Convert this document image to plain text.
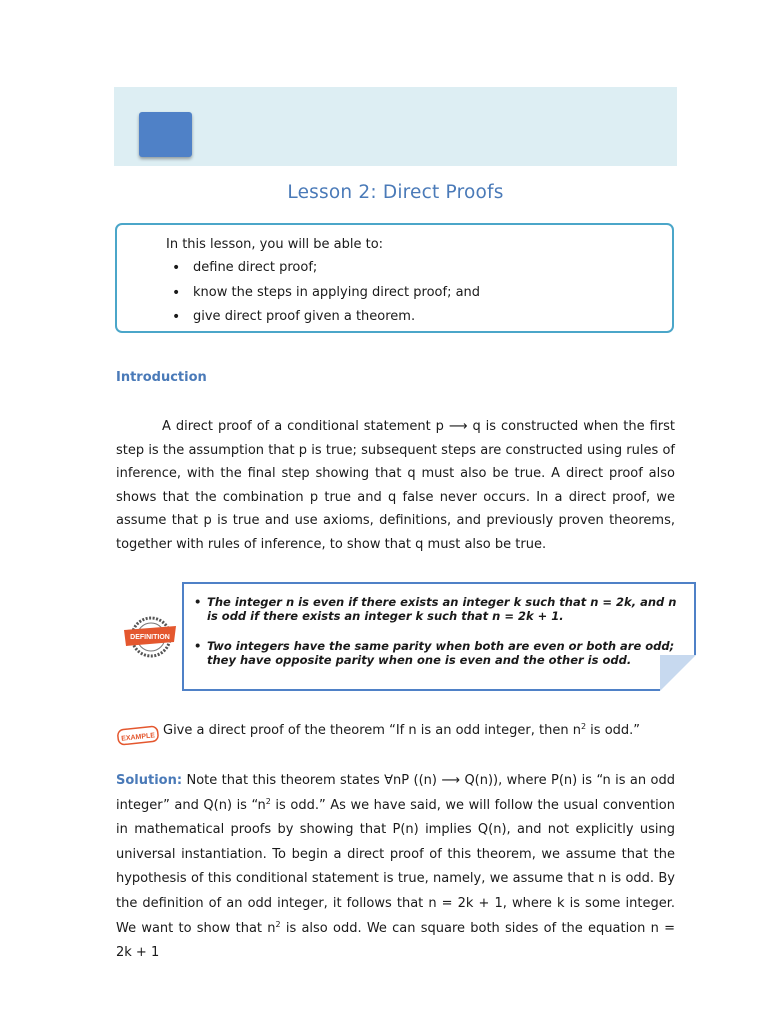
Lesson 2: Direct Proofs
In this lesson, you will be able to:
• define direct proof;
• know the steps in applying direct proof; and
• give direct proof given a theorem.
Introduction
A direct proof of a conditional statement p ⟶ q is constructed when the first step is the assumption that p is true; subsequent steps are constructed using rules of inference, with the final step showing that q must also be true. A direct proof also shows that the combination p true and q false never occurs. In a direct proof, we assume that p is true and use axioms, definitions, and previously proven theorems, together with rules of inference, to show that q must also be true.
DEFINITION
• The integer n is even if there exists an integer k such that n = 2k, and n is odd if there exists an integer k such that n = 2k + 1.
• Two integers have the same parity when both are even or both are odd; they have opposite parity when one is even and the other is odd.
EXAMPLE Give a direct proof of the theorem “If n is an odd integer, then $n^2$ is odd.”
Solution: Note that this theorem states ∀nP ((n) ⟶ Q(n)), where P(n) is “n is an odd integer” and Q(n) is “$n^2$ is odd.” As we have said, we will follow the usual convention in mathematical proofs by showing that P(n) implies Q(n), and not explicitly using universal instantiation. To begin a direct proof of this theorem, we assume that the hypothesis of this conditional statement is true, namely, we assume that n is odd. By the definition of an odd integer, it follows that n = 2k + 1, where k is some integer. We want to show that $n^2$ is also odd. We can square both sides of the equation n = 2k + 1
